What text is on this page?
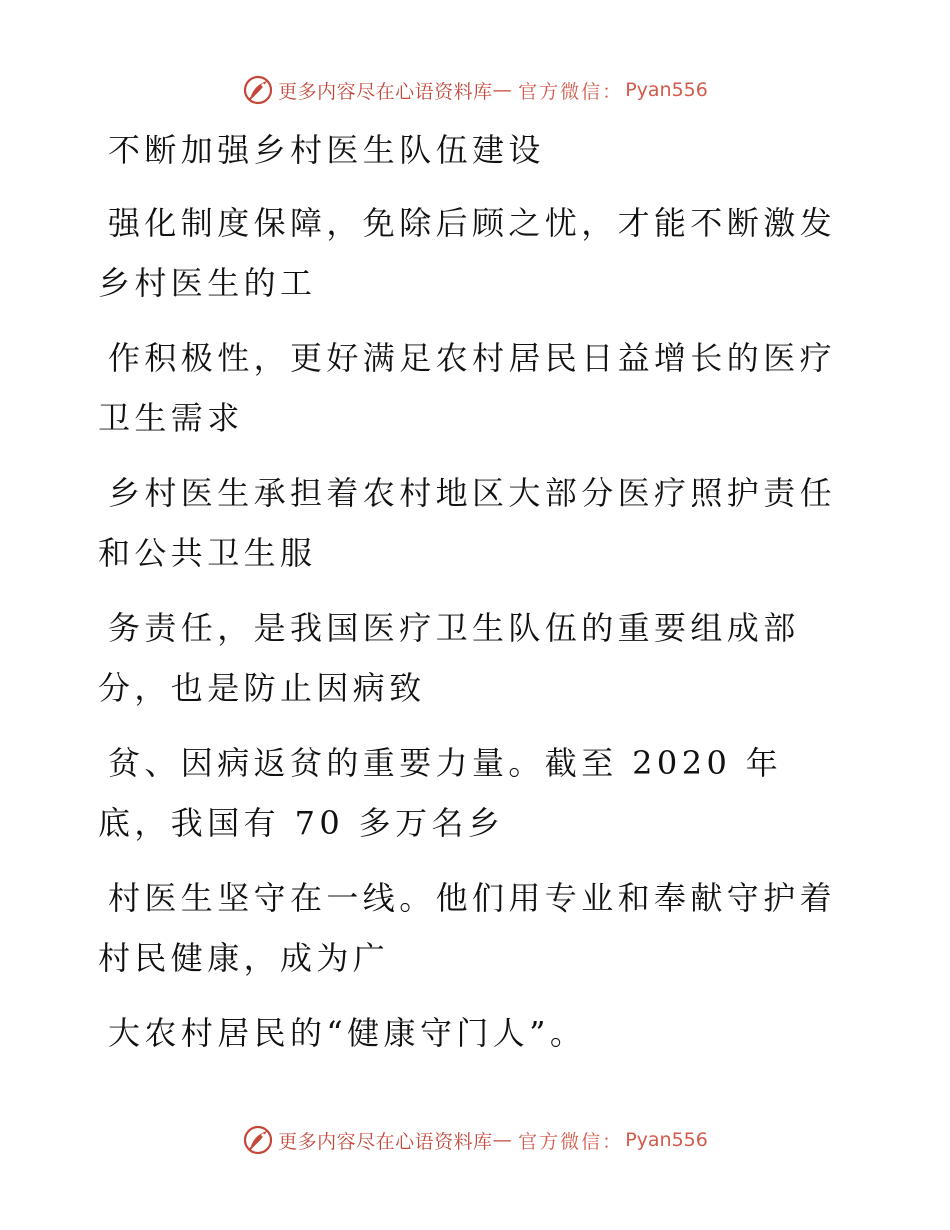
更多内容尽在心语资料库 — 官方微信： Pyan556

不断加强乡村医生队伍建设

强化制度保障，免除后顾之忧，才能不断激发乡村医生的工

作积极性，更好满足农村居民日益增长的医疗卫生需求

乡村医生承担着农村地区大部分医疗照护责任和公共卫生服

务责任，是我国医疗卫生队伍的重要组成部分，也是防止因病致

贫、因病返贫的重要力量。截至 2020 年底，我国有 70 多万名乡

村医生坚守在一线。他们用专业和奉献守护着村民健康，成为广

大农村居民的“健康守门人”。

更多内容尽在心语资料库 — 官方微信： Pyan556
